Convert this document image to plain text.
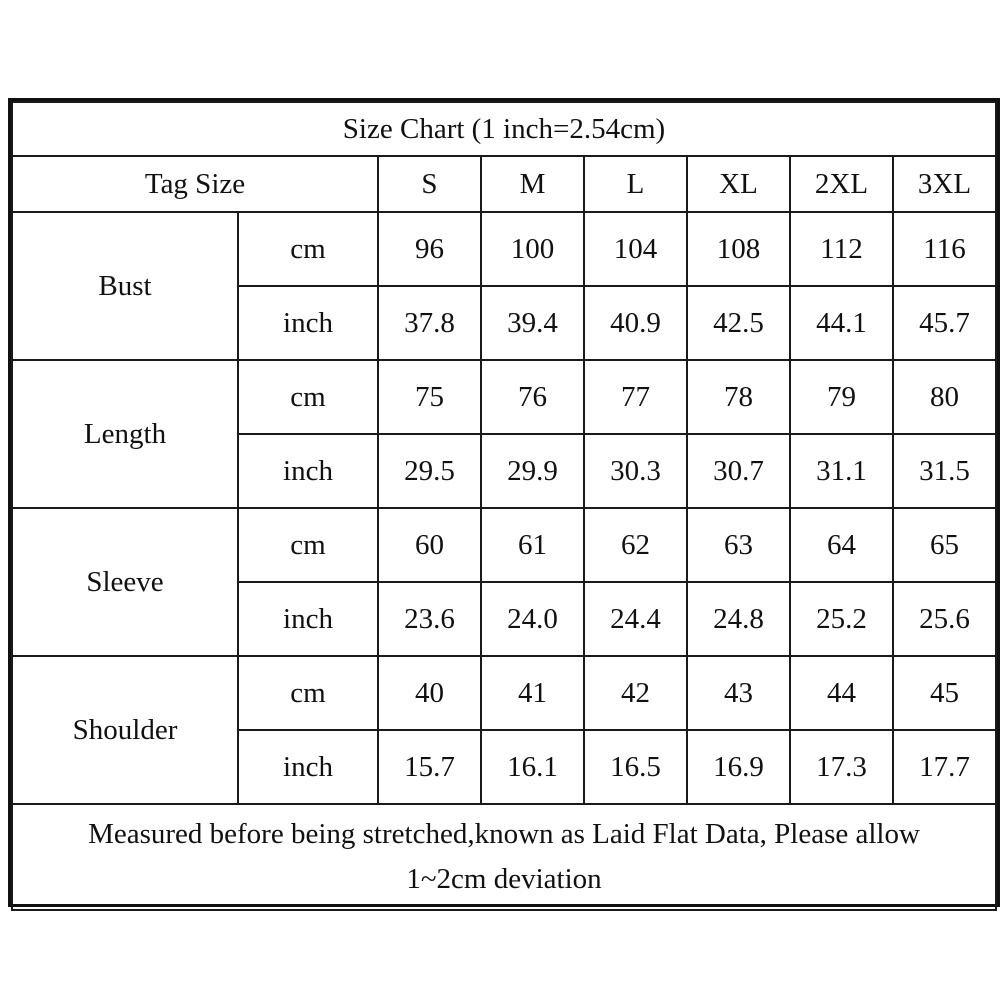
Size Chart (1 inch=2.54cm)							
Tag Size		S	M	L	XL	2XL	3XL
Bust	cm	96	100	104	108	112	116
	inch	37.8	39.4	40.9	42.5	44.1	45.7
Length	cm	75	76	77	78	79	80
	inch	29.5	29.9	30.3	30.7	31.1	31.5
Sleeve	cm	60	61	62	63	64	65
	inch	23.6	24.0	24.4	24.8	25.2	25.6
Shoulder	cm	40	41	42	43	44	45
	inch	15.7	16.1	16.5	16.9	17.3	17.7
Measured before being stretched,known as Laid Flat Data, Please allow
1~2cm deviation							
